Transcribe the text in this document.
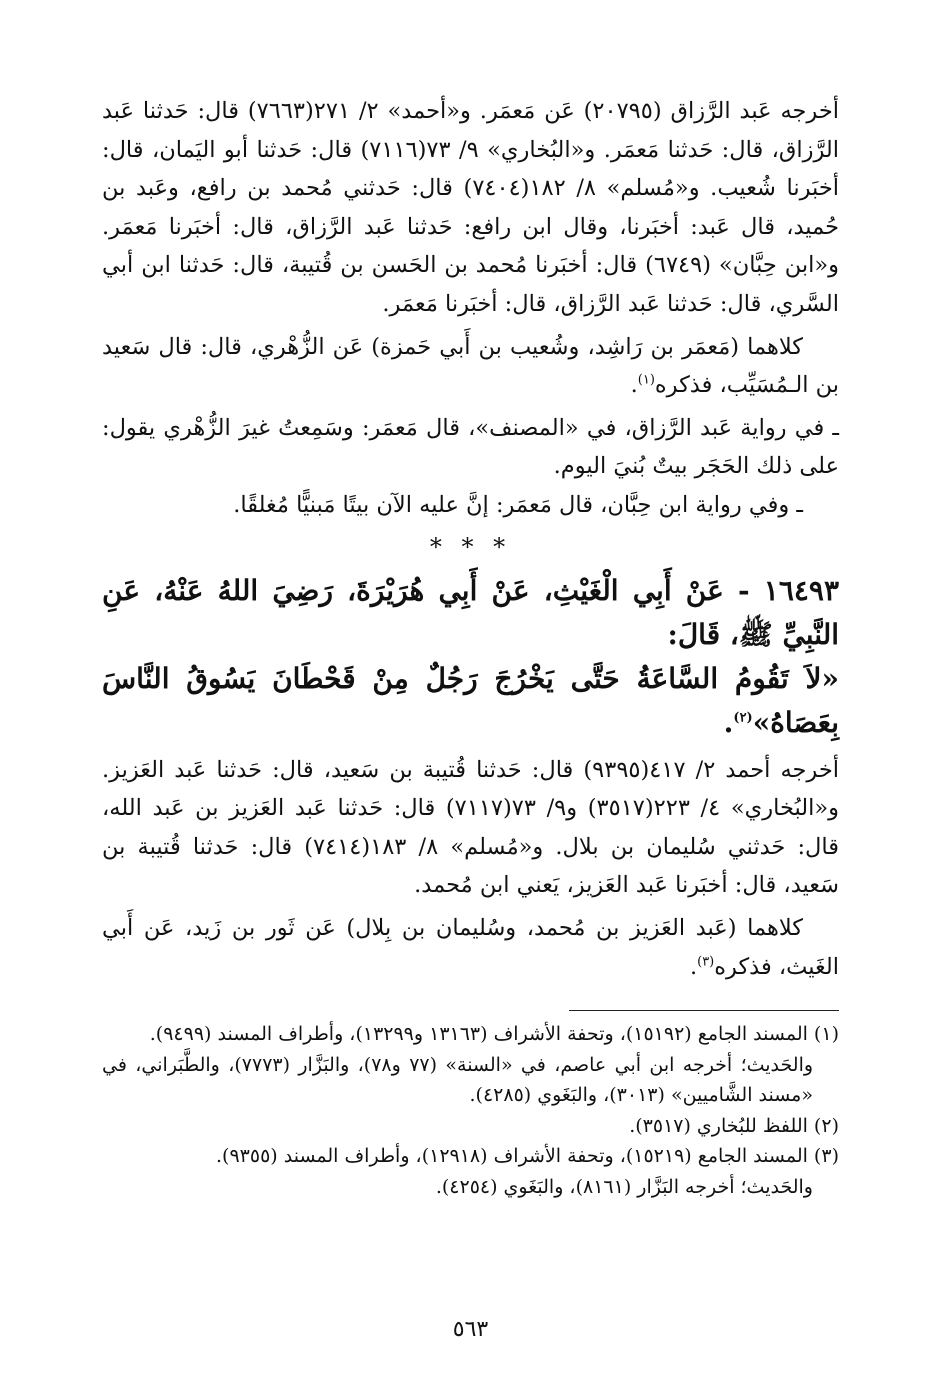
أخرجه عَبد الرَّزاق (٢٠٧٩٥) عَن مَعمَر. و«أحمد» ٢/ ٢٧١(٧٦٦٣) قال: حَدثنا عَبد الرَّزاق، قال: حَدثنا مَعمَر. و«البُخاري» ٩/ ٧٣(٧١١٦) قال: حَدثنا أبو اليَمان، قال: أخبَرنا شُعيب. و«مُسلم» ٨/ ١٨٢(٧٤٠٤) قال: حَدثني مُحمد بن رافع، وعَبد بن حُميد، قال عَبد: أخبَرنا، وقال ابن رافع: حَدثنا عَبد الرَّزاق، قال: أخبَرنا مَعمَر. و«ابن حِبَّان» (٦٧٤٩) قال: أخبَرنا مُحمد بن الحَسن بن قُتيبة، قال: حَدثنا ابن أبي السَّري، قال: حَدثنا عَبد الرَّزاق، قال: أخبَرنا مَعمَر.

كلاهما (مَعمَر بن رَاشِد، وشُعيب بن أَبي حَمزة) عَن الزُّهْري، قال: قال سَعيد بن الـمُسَيِّب، فذكره$^{(١)}$.

ـ في رواية عَبد الرَّزاق، في «المصنف»، قال مَعمَر: وسَمِعتُ غيرَ الزُّهْري يقول: على ذلك الحَجَر بيتٌ بُنيَ اليوم.

ـ وفي رواية ابن حِبَّان، قال مَعمَر: إنَّ عليه الآن بيتًا مَبنيًّا مُغلقًا.

* * *
١٦٤٩٣ - عَنْ أَبِي الْغَيْثِ، عَنْ أَبِي هُرَيْرَةَ، رَضِيَ اللهُ عَنْهُ، عَنِ النَّبِيِّ ﷺ، قَالَ:
«لاَ تَقُومُ السَّاعَةُ حَتَّى يَخْرُجَ رَجُلٌ مِنْ قَحْطَانَ يَسُوقُ النَّاسَ بِعَصَاهُ»$^{(٢)}$.

أخرجه أحمد ٢/ ٤١٧(٩٣٩٥) قال: حَدثنا قُتيبة بن سَعيد، قال: حَدثنا عَبد العَزيز. و«البُخاري» ٤/ ٢٢٣(٣٥١٧) و٩/ ٧٣(٧١١٧) قال: حَدثنا عَبد العَزيز بن عَبد الله، قال: حَدثني سُليمان بن بلال. و«مُسلم» ٨/ ١٨٣(٧٤١٤) قال: حَدثنا قُتيبة بن سَعيد، قال: أخبَرنا عَبد العَزيز، يَعني ابن مُحمد.

كلاهما (عَبد العَزيز بن مُحمد، وسُليمان بن بِلال) عَن ثَور بن زَيد، عَن أَبي الغَيث، فذكره$^{(٣)}$.

(١) المسند الجامع (١٥١٩٢)، وتحفة الأشراف (١٣١٦٣ و١٣٢٩٩)، وأطراف المسند (٩٤٩٩).

والحَديث؛ أخرجه ابن أبي عاصم، في «السنة» (٧٧ و٧٨)، والبَزَّار (٧٧٧٣)، والطَّبَراني، في «مسند الشَّاميين» (٣٠١٣)، والبَغَوي (٤٢٨٥).

(٢) اللفظ للبُخاري (٣٥١٧).

(٣) المسند الجامع (١٥٢١٩)، وتحفة الأشراف (١٢٩١٨)، وأطراف المسند (٩٣٥٥).

والحَديث؛ أخرجه البَزَّار (٨١٦١)، والبَغَوي (٤٢٥٤).

٥٦٣
